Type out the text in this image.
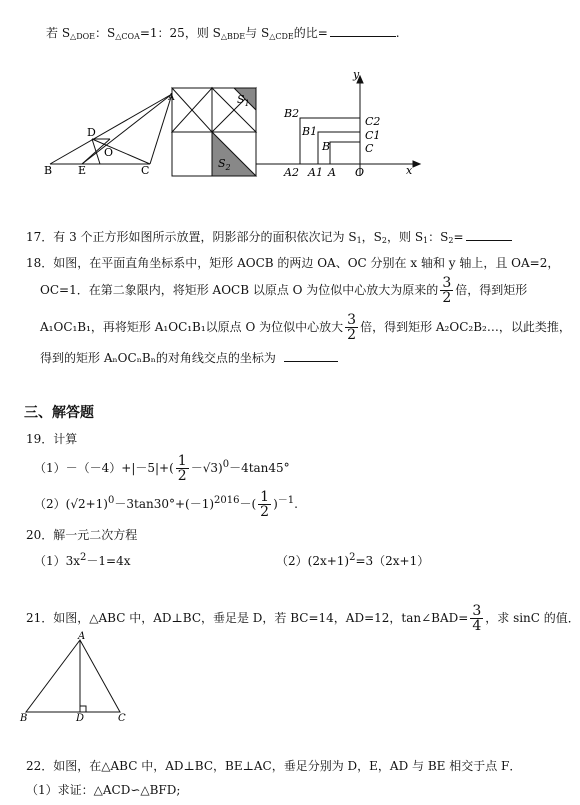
若 $S_{\triangle DOE}$：$S_{\triangle COA}=1$：25，则 $S_{\triangle BDE}$与 $S_{\triangle CDE}$的比=	.
D
O
B E	C
A	$S_1$
$S_2$
y
x
O
B2
B1
B
C2
C1
C
A2 A1 A
17．有 3 个正方形如图所示放置，阴影部分的面积依次记为 $S_1$，$S_2$，则 $S_1$：$S_2=$
18．如图，在平面直角坐标系中，矩形 AOCB 的两边 OA、OC 分别在 x 轴和 y 轴上，且 OA=2，
OC=1．在第二象限内，将矩形 AOCB 以原点 O 为位似中心放大为原来的 $\frac{3}{2}$ 倍，得到矩形
A₁OC₁B₁，再将矩形 A₁OC₁B₁以原点 O 为位似中心放大 $\frac{3}{2}$ 倍，得到矩形 A₂OC₂B₂…，以此类推，
得到的矩形 AₙOCₙBₙ的对角线交点的坐标为
三、解答题
19．计算
$(1)-(-4)+|-5|+( \frac{1}{2} -√3)^0-4\tan 45^\circ$
$(2)(√2+1)^0-3\tan 30^\circ+(-1)^{2016}-( \frac{1}{2} )^{-1}$.
20．解一元二次方程
$(1)3x^2-1=4x$	$(2)(2x+1)^2=3(2x+1)$
21．如图，△ABC 中，AD⊥BC，垂足是 D，若 BC=14，AD=12，tan∠BAD= $\frac{3}{4}$ ，求 sinC 的值．
A
B	D	C
22．如图，在△ABC 中，AD⊥BC，BE⊥AC，垂足分别为 D，E，AD 与 BE 相交于点 F．
（1）求证：△ACD∽△BFD;
